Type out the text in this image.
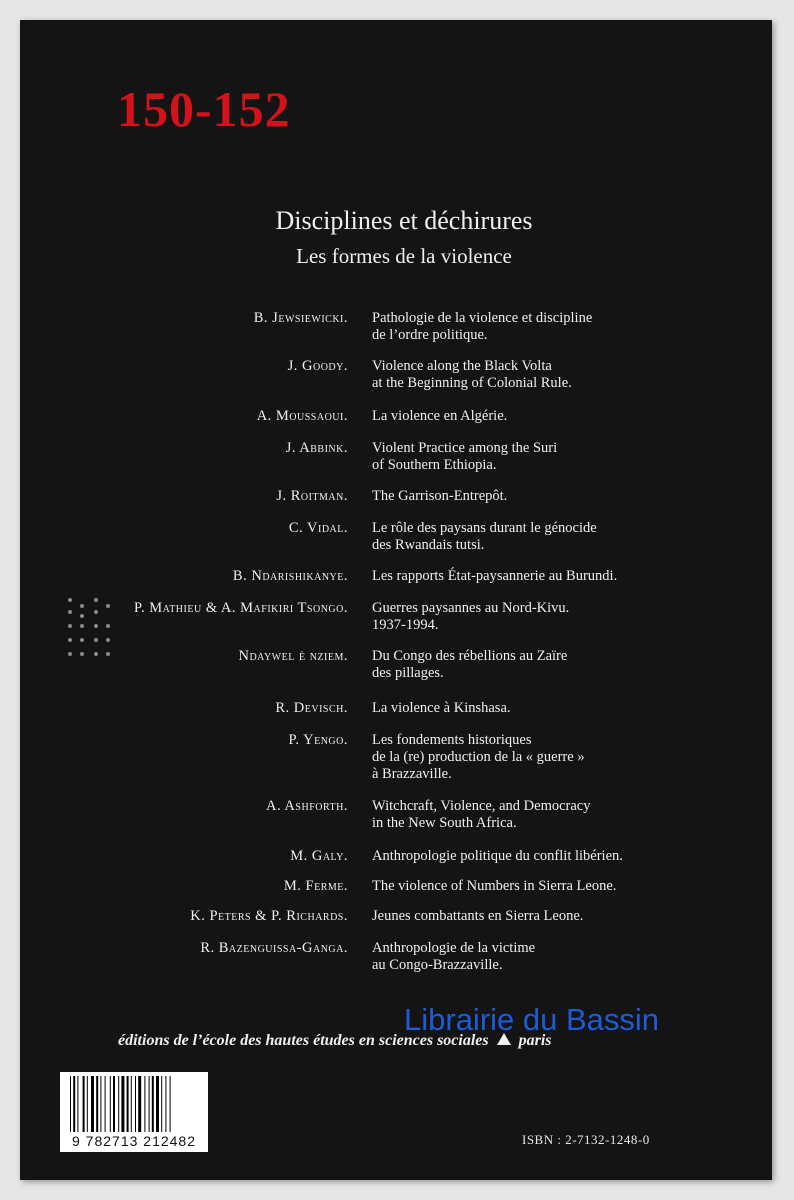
150-152
Disciplines et déchirures
Les formes de la violence
B. Jewsiewicki. Pathologie de la violence et discipline
de l’ordre politique.
J. Goody. Violence along the Black Volta
at the Beginning of Colonial Rule.
A. Moussaoui. La violence en Algérie.
J. Abbink. Violent Practice among the Suri
of Southern Ethiopia.
J. Roitman. The Garrison-Entrepôt.
C. Vidal. Le rôle des paysans durant le génocide
des Rwandais tutsi.
B. Ndarishikanye. Les rapports État-paysannerie au Burundi.
P. Mathieu & A. Mafikiri Tsongo. Guerres paysannes au Nord-Kivu.
1937-1994.
Ndaywel è nziem. Du Congo des rébellions au Zaïre
des pillages.
R. Devisch. La violence à Kinshasa.
P. Yengo. Les fondements historiques
de la (re) production de la « guerre »
à Brazzaville.
A. Ashforth. Witchcraft, Violence, and Democracy
in the New South Africa.
M. Galy. Anthropologie politique du conflit libérien.
M. Ferme. The violence of Numbers in Sierra Leone.
K. Peters & P. Richards. Jeunes combattants en Sierra Leone.
R. Bazenguissa-Ganga. Anthropologie de la victime
au Congo-Brazzaville.
éditions de l’école des hautes études en sciences sociales paris
Librairie du Bassin
9 782713 212482	ISBN : 2-7132-1248-0
